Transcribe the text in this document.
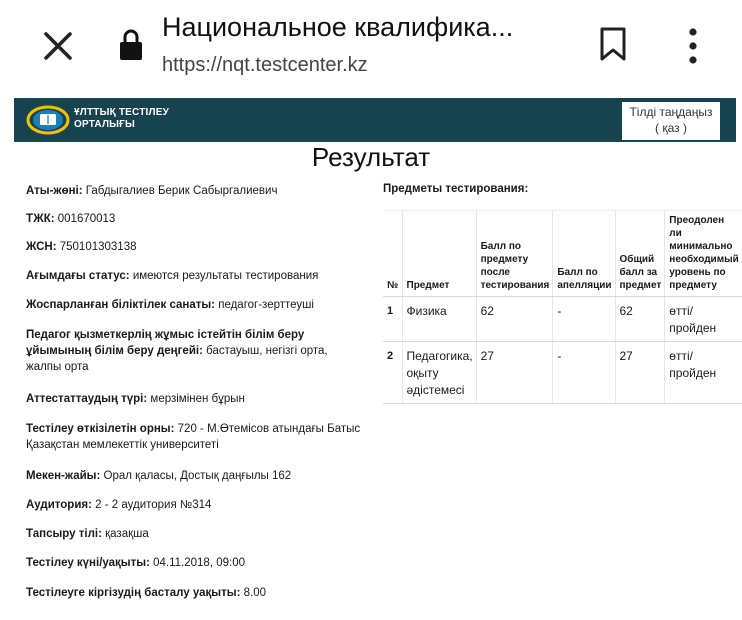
Национальное квалифика...
https://nqt.testcenter.kz
ҰЛТТЫҚ ТЕСТІЛЕУ
ОРТАЛЫҒЫ
Тілді таңдаңыз
( қаз )
Результат
Аты-жөні: Габдыгалиев Берик Сабыргалиевич
ТЖК: 001670013
ЖСН: 750101303138
Ағымдағы статус: имеются результаты тестирования
Жоспарланған біліктілек санаты: педагог-зерттеуші
Педагог қызметкерлің жұмыс істейтін білім беру ұйымының білім беру деңгейі: бастауыш, негізгі орта, жалпы орта
Аттестаттаудың түрі: мерзімінен бұрын
Тестілеу өткізілетін орны: 720 - М.Өтемісов атындағы Батыс Қазақстан мемлекеттік университеті
Мекен-жайы: Орал қаласы, Достық даңғылы 162
Аудитория: 2 - 2 аудитория №314
Тапсыру тілі: қазақша
Тестілеу күні/уақыты: 04.11.2018, 09:00
Тестілеуге кіргізудің басталу уақыты: 8.00
Предметы тестирования:
№	Предмет	Балл по предмету после тестирования	Балл по апелляции	Общий балл за предмет	Преодолен ли минимально необходимый уровень по предмету
1	Физика	62	-	62	өтті/ пройден
2	Педагогика, оқыту әдістемесі	27	-	27	өтті/ пройден
